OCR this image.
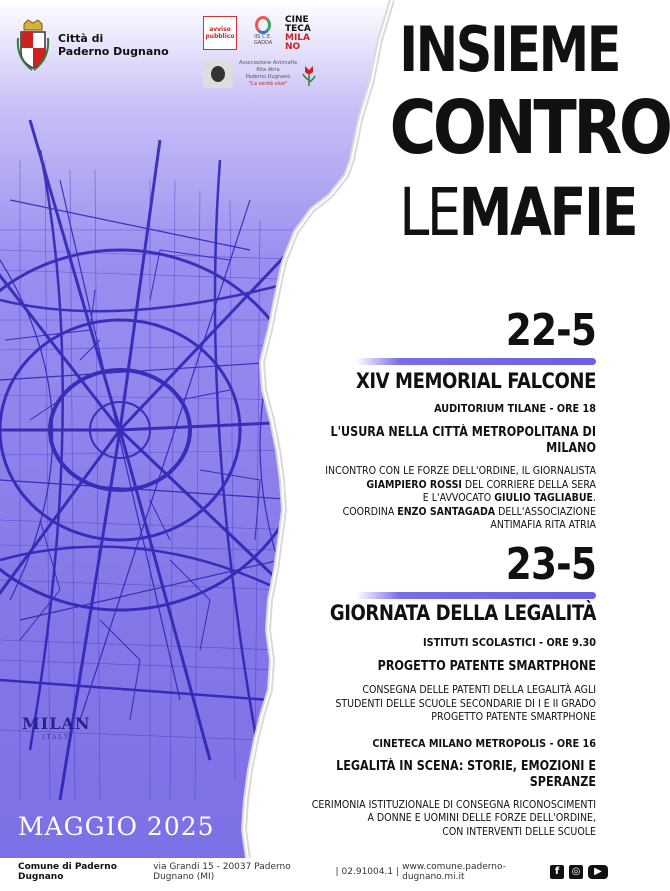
Città di
Paderno Dugnano
avviso pubblico	IIS C.E. GADDA
CINE
TECA
MILA
NO
Associazione Antimafia
Rita Atria
Paderno Dugnano
"La verità vive" INSIEME
CONTRO
LEMAFIE
22-5
XIV MEMORIAL FALCONE
AUDITORIUM TILANE - ORE 18
L'USURA NELLA CITTÀ METROPOLITANA DI MILANO
INCONTRO CON LE FORZE DELL'ORDINE, IL GIORNALISTA
GIAMPIERO ROSSI DEL CORRIERE DELLA SERA
E L'AVVOCATO GIULIO TAGLIABUE.
COORDINA ENZO SANTAGADA DELL'ASSOCIAZIONE
ANTIMAFIA RITA ATRIA
23-5
GIORNATA DELLA LEGALITÀ
ISTITUTI SCOLASTICI - ORE 9.30
PROGETTO PATENTE SMARTPHONE
CONSEGNA DELLE PATENTI DELLA LEGALITÀ AGLI
STUDENTI DELLE SCUOLE SECONDARIE DI I E II GRADO
PROGETTO PATENTE SMARTPHONE
CINETECA MILANO METROPOLIS - ORE 16
LEGALITÀ IN SCENA: STORIE, EMOZIONI E SPERANZE
CERIMONIA ISTITUZIONALE DI CONSEGNA RICONOSCIMENTI
A DONNE E UOMINI DELLE FORZE DELL'ORDINE,
CON INTERVENTI DELLE SCUOLE
MILAN
ITALY
MAGGIO 2025
Comune di Paderno Dugnano
via Grandi 15 - 20037 Paderno Dugnano (MI)	| 02.91004.1 | www.comune.paderno-dugnano.mi.it	f	◎	▶
